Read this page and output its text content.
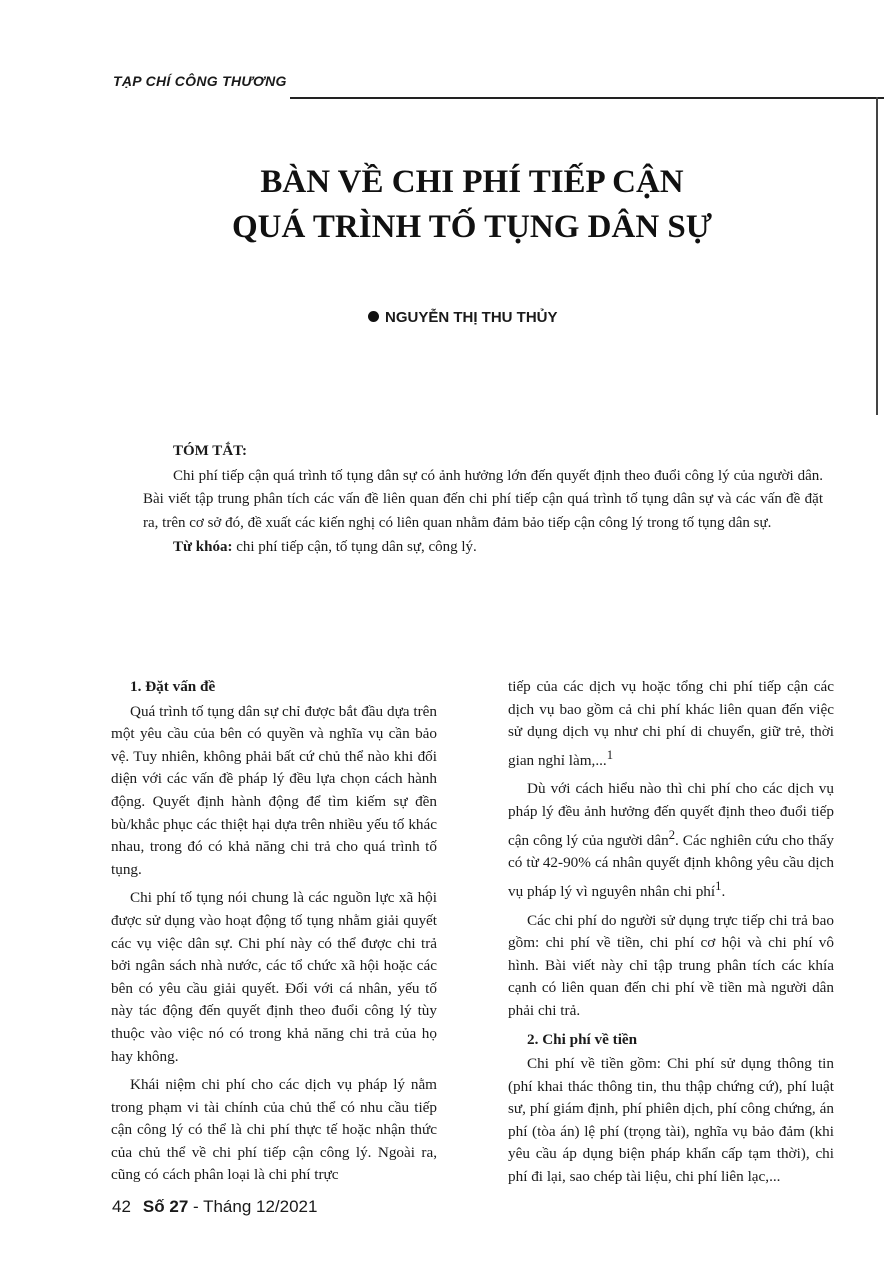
TẠP CHÍ CÔNG THƯƠNG
BÀN VỀ CHI PHÍ TIẾP CẬN
QUÁ TRÌNH TỐ TỤNG DÂN SỰ
NGUYỄN THỊ THU THỦY
TÓM TẮT:

Chi phí tiếp cận quá trình tố tụng dân sự có ảnh hưởng lớn đến quyết định theo đuổi công lý của người dân. Bài viết tập trung phân tích các vấn đề liên quan đến chi phí tiếp cận quá trình tố tụng dân sự và các vấn đề đặt ra, trên cơ sở đó, đề xuất các kiến nghị có liên quan nhằm đảm bảo tiếp cận công lý trong tố tụng dân sự.

Từ khóa: chi phí tiếp cận, tố tụng dân sự, công lý.

1. Đặt vấn đề

Quá trình tố tụng dân sự chỉ được bắt đầu dựa trên một yêu cầu của bên có quyền và nghĩa vụ cần bảo vệ. Tuy nhiên, không phải bất cứ chủ thể nào khi đối diện với các vấn đề pháp lý đều lựa chọn cách hành động. Quyết định hành động để tìm kiếm sự đền bù/khắc phục các thiệt hại dựa trên nhiều yếu tố khác nhau, trong đó có khả năng chi trả cho quá trình tố tụng.

Chi phí tố tụng nói chung là các nguồn lực xã hội được sử dụng vào hoạt động tố tụng nhằm giải quyết các vụ việc dân sự. Chi phí này có thể được chi trả bởi ngân sách nhà nước, các tổ chức xã hội hoặc các bên có yêu cầu giải quyết. Đối với cá nhân, yếu tố này tác động đến quyết định theo đuổi công lý tùy thuộc vào việc nó có trong khả năng chi trả của họ hay không.

Khái niệm chi phí cho các dịch vụ pháp lý nằm trong phạm vi tài chính của chủ thể có nhu cầu tiếp cận công lý có thể là chi phí thực tế hoặc nhận thức của chủ thể về chi phí tiếp cận công lý. Ngoài ra, cũng có cách phân loại là chi phí trực

tiếp của các dịch vụ hoặc tổng chi phí tiếp cận các dịch vụ bao gồm cả chi phí khác liên quan đến việc sử dụng dịch vụ như chi phí di chuyển, giữ trẻ, thời gian nghỉ làm,...$^1$

Dù với cách hiểu nào thì chi phí cho các dịch vụ pháp lý đều ảnh hưởng đến quyết định theo đuổi tiếp cận công lý của người dân$^2$. Các nghiên cứu cho thấy có từ 42-90% cá nhân quyết định không yêu cầu dịch vụ pháp lý vì nguyên nhân chi phí$^1$.

Các chi phí do người sử dụng trực tiếp chi trả bao gồm: chi phí về tiền, chi phí cơ hội và chi phí vô hình. Bài viết này chỉ tập trung phân tích các khía cạnh có liên quan đến chi phí về tiền mà người dân phải chi trả.

2. Chi phí về tiền

Chi phí về tiền gồm: Chi phí sử dụng thông tin (phí khai thác thông tin, thu thập chứng cứ), phí luật sư, phí giám định, phí phiên dịch, phí công chứng, án phí (tòa án) lệ phí (trọng tài), nghĩa vụ bảo đảm (khi yêu cầu áp dụng biện pháp khẩn cấp tạm thời), chi phí đi lại, sao chép tài liệu, chi phí liên lạc,...

42 Số 27 - Tháng 12/2021
